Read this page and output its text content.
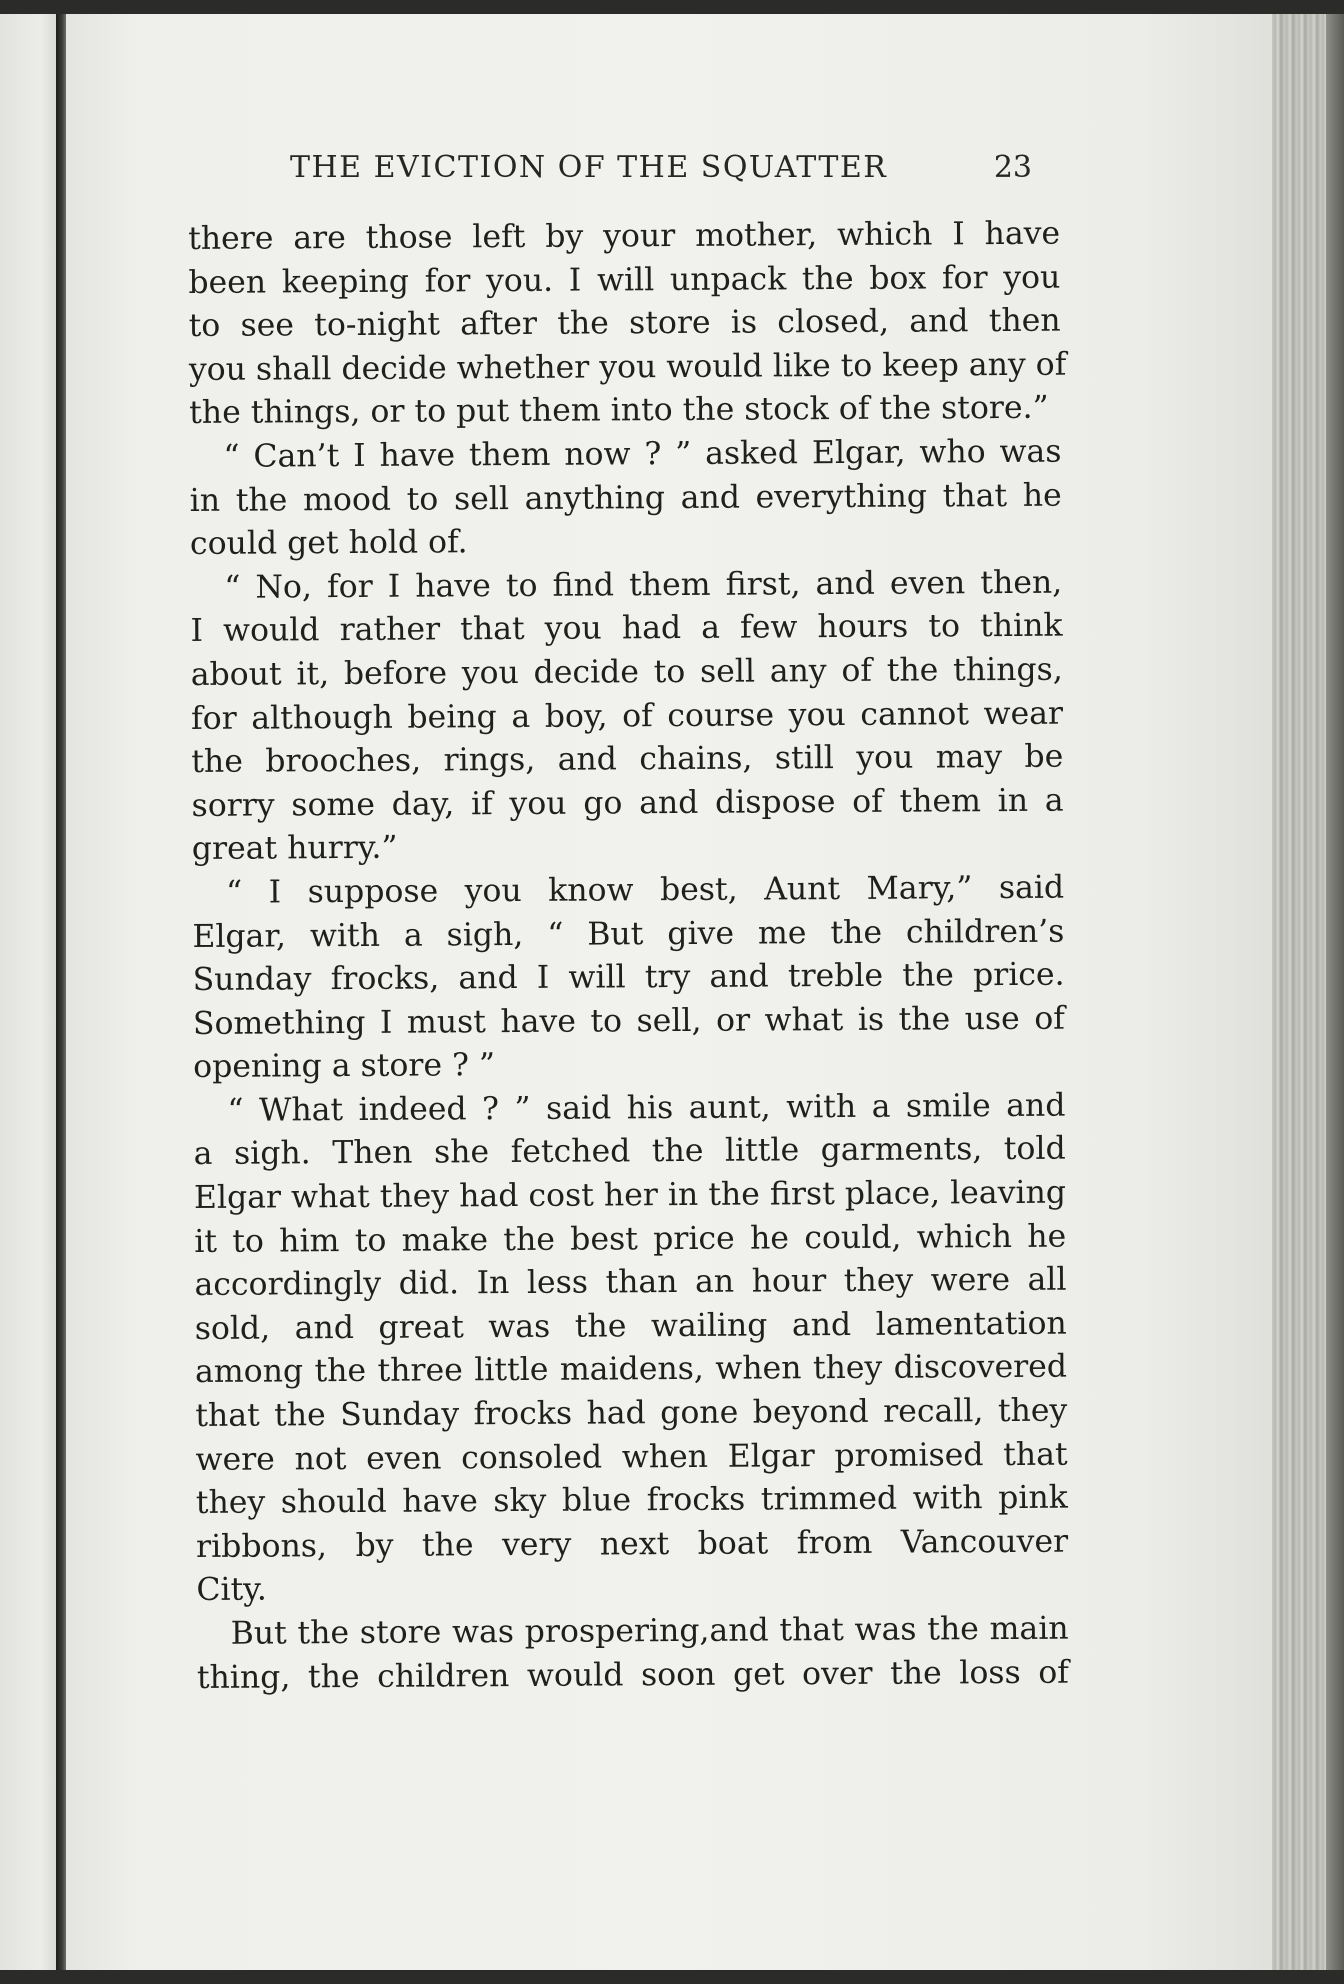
THE EVICTION OF THE SQUATTER	23
there are those left by your mother, which I have
been keeping for you. I will unpack the box for you
to see to-night after the store is closed, and then
you shall decide whether you would like to keep any of
the things, or to put them into the stock of the store.”
“ Can’t I have them now ? ” asked Elgar, who was
in the mood to sell anything and everything that he
could get hold of.
“ No, for I have to find them first, and even then,
I would rather that you had a few hours to think
about it, before you decide to sell any of the things,
for although being a boy, of course you cannot wear
the brooches, rings, and chains, still you may be
sorry some day, if you go and dispose of them in a
great hurry.”
“ I suppose you know best, Aunt Mary,” said
Elgar, with a sigh, “ But give me the children’s
Sunday frocks, and I will try and treble the price.
Something I must have to sell, or what is the use of
opening a store ? ”
“ What indeed ? ” said his aunt, with a smile and
a sigh. Then she fetched the little garments, told
Elgar what they had cost her in the first place, leaving
it to him to make the best price he could, which he
accordingly did. In less than an hour they were all
sold, and great was the wailing and lamentation
among the three little maidens, when they discovered
that the Sunday frocks had gone beyond recall, they
were not even consoled when Elgar promised that
they should have sky blue frocks trimmed with pink
ribbons, by the very next boat from Vancouver
City.
But the store was prospering,and that was the main
thing, the children would soon get over the loss of
